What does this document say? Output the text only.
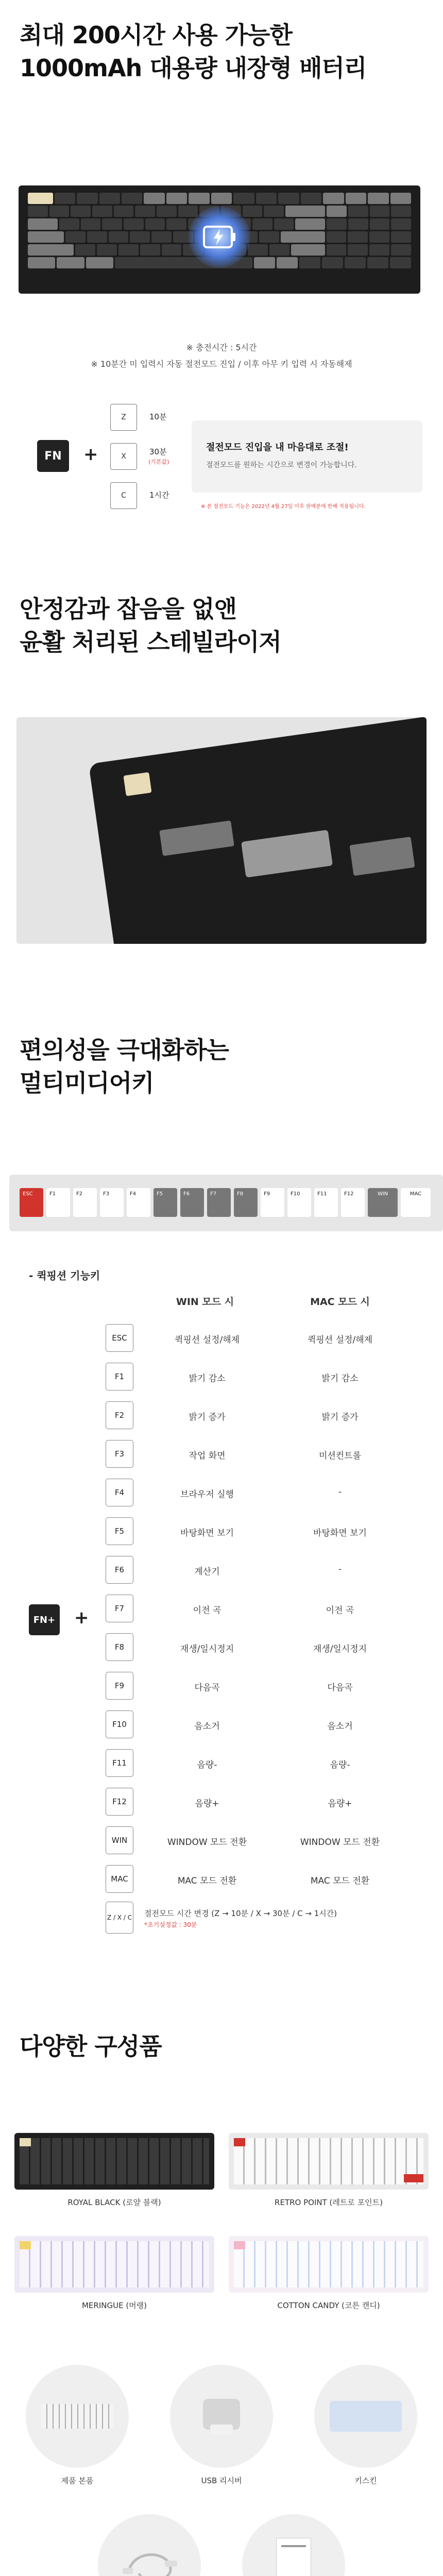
최대 200시간 사용 가능한
1000mAh 대용량 내장형 배터리
※ 충전시간 : 5시간
※ 10분간 미 입력시 자동 절전모드 진입 / 이후 아무 키 입력 시 자동해제
FN	+
Z	10분
X	30분
(기본값)
C	1시간
절전모드 진입을 내 마음대로 조절!
절전모드를 원하는 시간으로 변경이 가능합니다.
※ 본 절전모드 기능은 2022년 4월 27일 이후 판매분에 한해 적용됩니다.
안정감과 잡음을 없앤
윤활 처리된 스테빌라이저
편의성을 극대화하는
멀티미디어키
ESC	F1	F2	F3	F4	F5	F6	F7	F8	F9	F10	F11	F12	WIN	MAC
- 퀵핑션 기능키
WIN 모드 시	MAC 모드 시
FN+ +
ESC	퀵핑션 설정/해제	퀵핑션 설정/해제
F1	밝기 감소	밝기 감소
F2	밝기 증가	밝기 증가
F3	작업 화면	미션컨트롤
F4	브라우저 실행	-
F5	바탕화면 보기	바탕화면 보기
F6	계산기	-
F7	이전 곡	이전 곡
F8	재생/일시정지	재생/일시정지
F9	다음곡	다음곡
F10	음소거	음소거
F11	음량-	음량-
F12	음량+	음량+
WIN	WINDOW 모드 전환	WINDOW 모드 전환
MAC	MAC 모드 전환	MAC 모드 전환
Z / X / C 절전모드 시간 변경 (Z → 10분 / X → 30분 / C → 1시간)
*초기설정값 : 30분
다양한 구성품
ROYAL BLACK (로얄 블랙)	RETRO POINT (레트로 포인트)
MERINGUE (머랭)	COTTON CANDY (코튼 캔디)
제품 본품	USB 리시버	키스킨
